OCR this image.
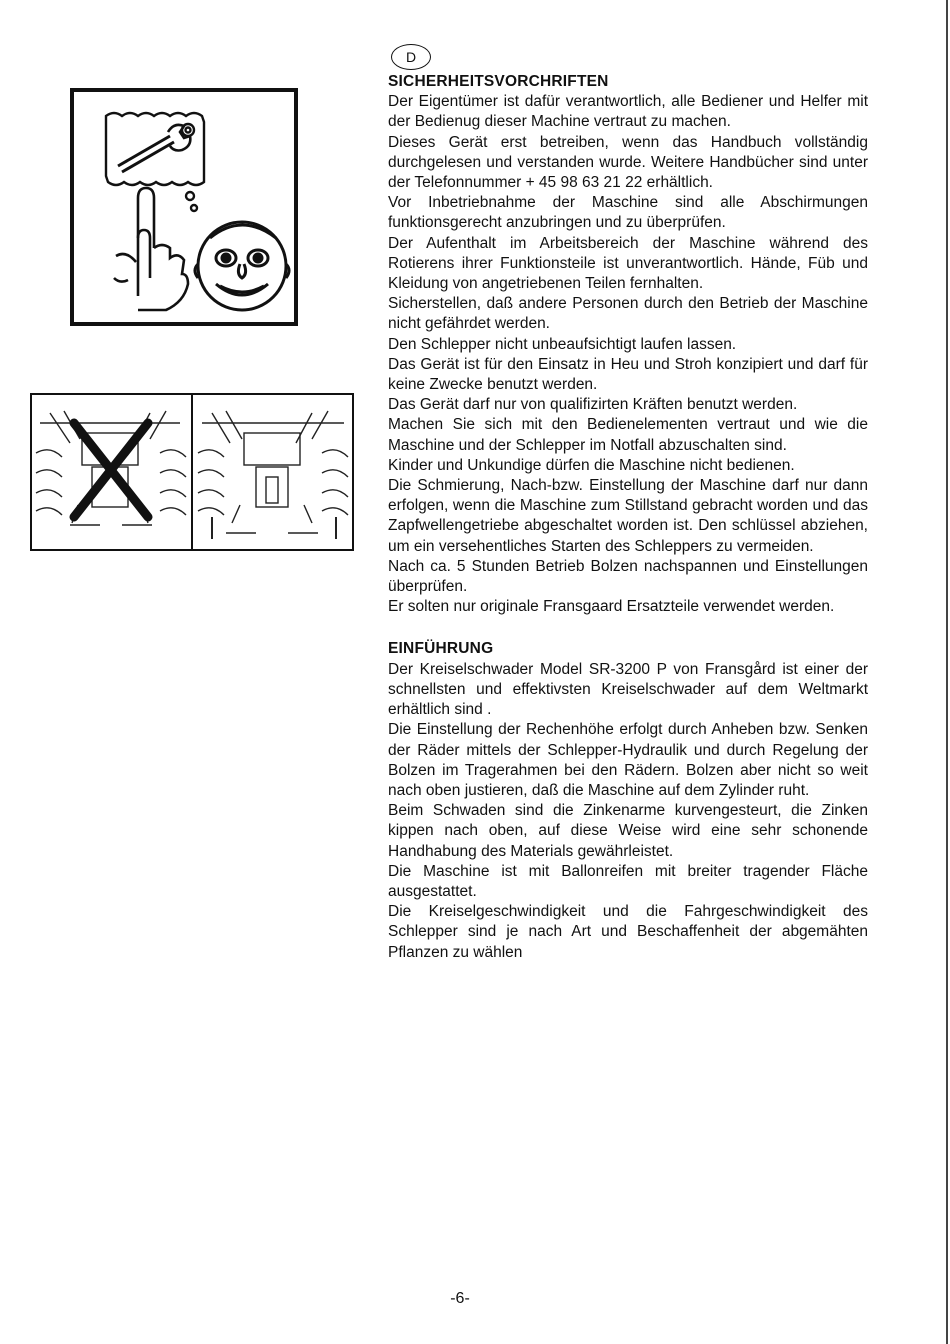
D

SICHERHEITSVORCHRIFTEN

Der Eigentümer ist dafür verantwortlich, alle Bediener und Helfer mit der Bedienug dieser Machine vertraut zu machen.

Dieses Gerät erst betreiben, wenn das Handbuch vollständig durchgelesen und verstanden wurde. Weitere Handbücher sind unter der Telefonnummer + 45 98 63 21 22 erhältlich.

Vor Inbetriebnahme der Maschine sind alle Abschirmungen funktionsgerecht anzubringen und zu überprüfen.

Der Aufenthalt im Arbeitsbereich der Maschine während des Rotierens ihrer Funktionsteile ist unverantwortlich. Hände, Füb und Kleidung von angetriebenen Teilen fernhalten.

Sicherstellen, daß andere Personen durch den Betrieb der Maschine nicht gefährdet werden.

Den Schlepper nicht unbeaufsichtigt laufen lassen.

Das Gerät ist für den Einsatz in Heu und Stroh konzipiert und darf für keine Zwecke benutzt werden.

Das Gerät darf nur von qualifizirten Kräften benutzt werden.

Machen Sie sich mit den Bedienelementen vertraut und wie die Maschine und der Schlepper im Notfall abzuschalten sind.

Kinder und Unkundige dürfen die Maschine nicht bedienen.

Die Schmierung, Nach-bzw. Einstellung der Maschine darf nur dann erfolgen, wenn die Maschine zum Stillstand gebracht worden und das Zapfwellengetriebe abgeschaltet worden ist. Den schlüssel abziehen, um ein versehentliches Starten des Schleppers zu vermeiden.

Nach ca. 5 Stunden Betrieb Bolzen nachspannen und Einstellungen überprüfen.

Er solten nur originale Fransgaard Ersatzteile verwendet werden.

EINFÜHRUNG

Der Kreiselschwader Model SR-3200 P von Fransgård ist einer der schnellsten und effektivsten Kreiselschwader auf dem Weltmarkt erhältlich sind .

Die Einstellung der Rechenhöhe erfolgt durch Anheben bzw. Senken der Räder mittels der Schlepper-Hydraulik und durch Regelung der Bolzen im Tragerahmen bei den Rädern. Bolzen aber nicht so weit nach oben justieren, daß die Maschine auf dem Zylinder ruht.

Beim Schwaden sind die Zinkenarme kurvengesteurt, die Zinken kippen nach oben, auf diese Weise wird eine sehr schonende Handhabung des Materials gewährleistet.

Die Maschine ist mit Ballonreifen mit breiter tragender Fläche ausgestattet.

Die Kreiselgeschwindigkeit und die Fahrgeschwindigkeit des Schlepper sind je nach Art und Beschaffenheit der abgemähten Pflanzen zu wählen

-6-
